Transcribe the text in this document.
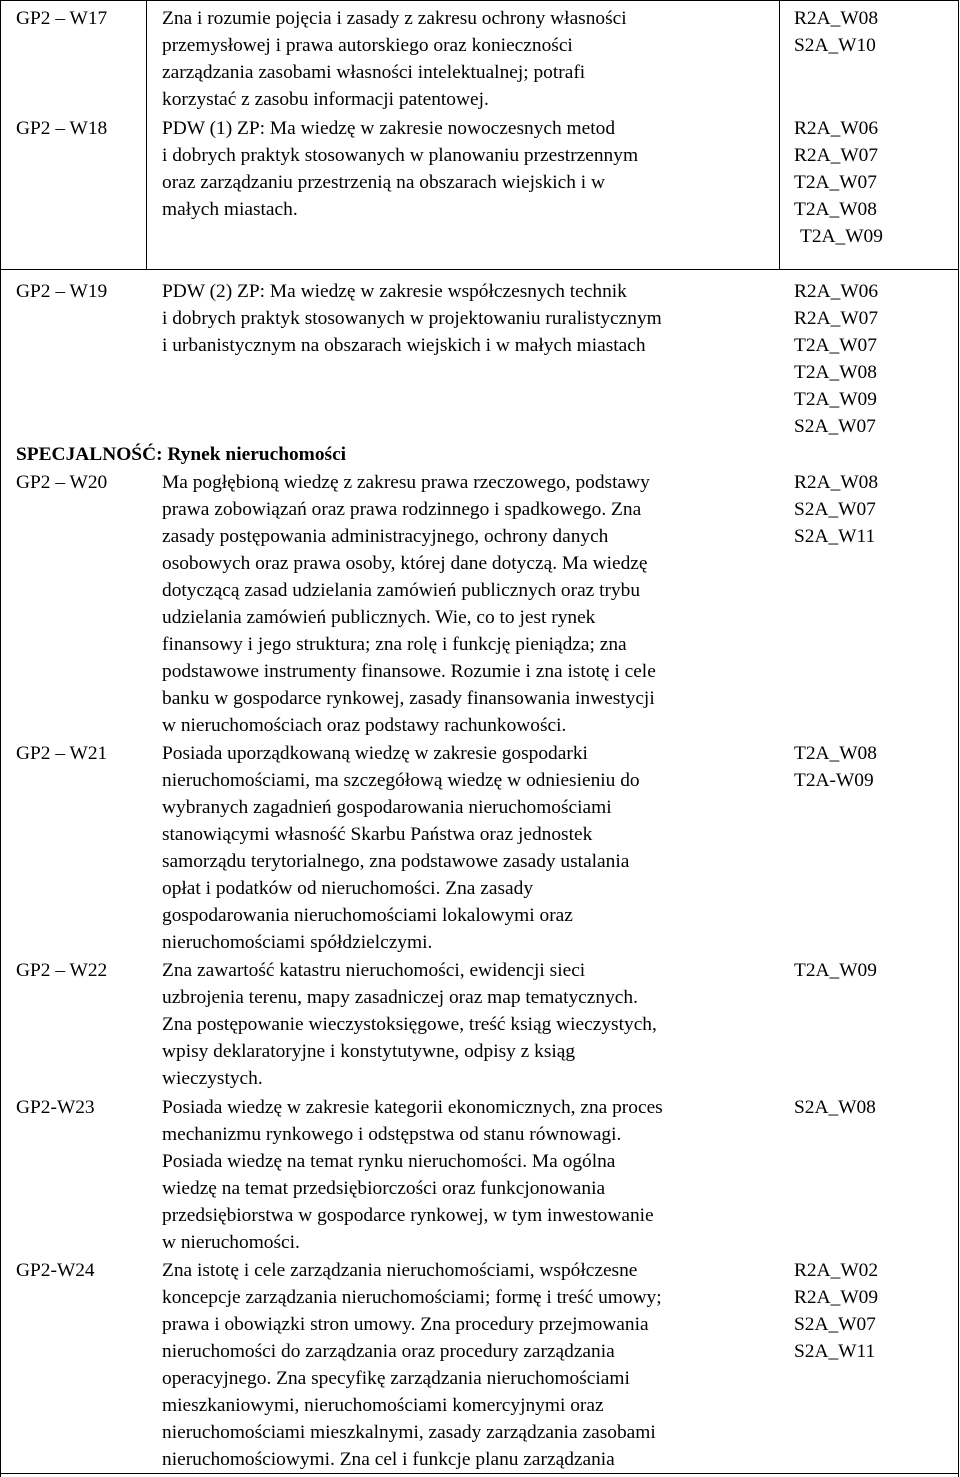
GP2 – W17	Zna i rozumie pojęcia i zasady z zakresu ochrony własności
przemysłowej i prawa autorskiego oraz konieczności
zarządzania zasobami własności intelektualnej; potrafi
korzystać z zasobu informacji patentowej.
R2A_W08
S2A_W10
GP2 – W18	PDW (1) ZP: Ma wiedzę w zakresie nowoczesnych metod
i dobrych praktyk stosowanych w planowaniu przestrzennym
oraz zarządzaniu przestrzenią na obszarach wiejskich i w
małych miastach.
R2A_W06
R2A_W07
T2A_W07
T2A_W08
T2A_W09
GP2 – W19	PDW (2) ZP: Ma wiedzę w zakresie współczesnych technik
i dobrych praktyk stosowanych w projektowaniu ruralistycznym
i urbanistycznym na obszarach wiejskich i w małych miastach
R2A_W06
R2A_W07
T2A_W07
T2A_W08
T2A_W09
S2A_W07
SPECJALNOŚĆ: Rynek nieruchomości
GP2 – W20	Ma pogłębioną wiedzę z zakresu prawa rzeczowego, podstawy
prawa zobowiązań oraz prawa rodzinnego i spadkowego. Zna
zasady postępowania administracyjnego, ochrony danych
osobowych oraz prawa osoby, której dane dotyczą. Ma wiedzę
dotyczącą zasad udzielania zamówień publicznych oraz trybu
udzielania zamówień publicznych. Wie, co to jest rynek
finansowy i jego struktura; zna rolę i funkcję pieniądza; zna
podstawowe instrumenty finansowe. Rozumie i zna istotę i cele
banku w gospodarce rynkowej, zasady finansowania inwestycji
w nieruchomościach oraz podstawy rachunkowości.
R2A_W08
S2A_W07
S2A_W11
GP2 – W21	Posiada uporządkowaną wiedzę w zakresie gospodarki
nieruchomościami, ma szczegółową wiedzę w odniesieniu do
wybranych zagadnień gospodarowania nieruchomościami
stanowiącymi własność Skarbu Państwa oraz jednostek
samorządu terytorialnego, zna podstawowe zasady ustalania
opłat i podatków od nieruchomości. Zna zasady
gospodarowania nieruchomościami lokalowymi oraz
nieruchomościami spółdzielczymi.
T2A_W08
T2A-W09
GP2 – W22	Zna zawartość katastru nieruchomości, ewidencji sieci
uzbrojenia terenu, mapy zasadniczej oraz map tematycznych.
Zna postępowanie wieczystoksięgowe, treść ksiąg wieczystych,
wpisy deklaratoryjne i konstytutywne, odpisy z ksiąg
wieczystych.
T2A_W09
GP2-W23	Posiada wiedzę w zakresie kategorii ekonomicznych, zna proces
mechanizmu rynkowego i odstępstwa od stanu równowagi.
Posiada wiedzę na temat rynku nieruchomości. Ma ogólna
wiedzę na temat przedsiębiorczości oraz funkcjonowania
przedsiębiorstwa w gospodarce rynkowej, w tym inwestowanie
w nieruchomości.
S2A_W08
GP2-W24	Zna istotę i cele zarządzania nieruchomościami, współczesne
koncepcje zarządzania nieruchomościami; formę i treść umowy;
prawa i obowiązki stron umowy. Zna procedury przejmowania
nieruchomości do zarządzania oraz procedury zarządzania
operacyjnego. Zna specyfikę zarządzania nieruchomościami
mieszkaniowymi, nieruchomościami komercyjnymi oraz
nieruchomościami mieszkalnymi, zasady zarządzania zasobami
nieruchomościowymi. Zna cel i funkcje planu zarządzania
R2A_W02
R2A_W09
S2A_W07
S2A_W11
